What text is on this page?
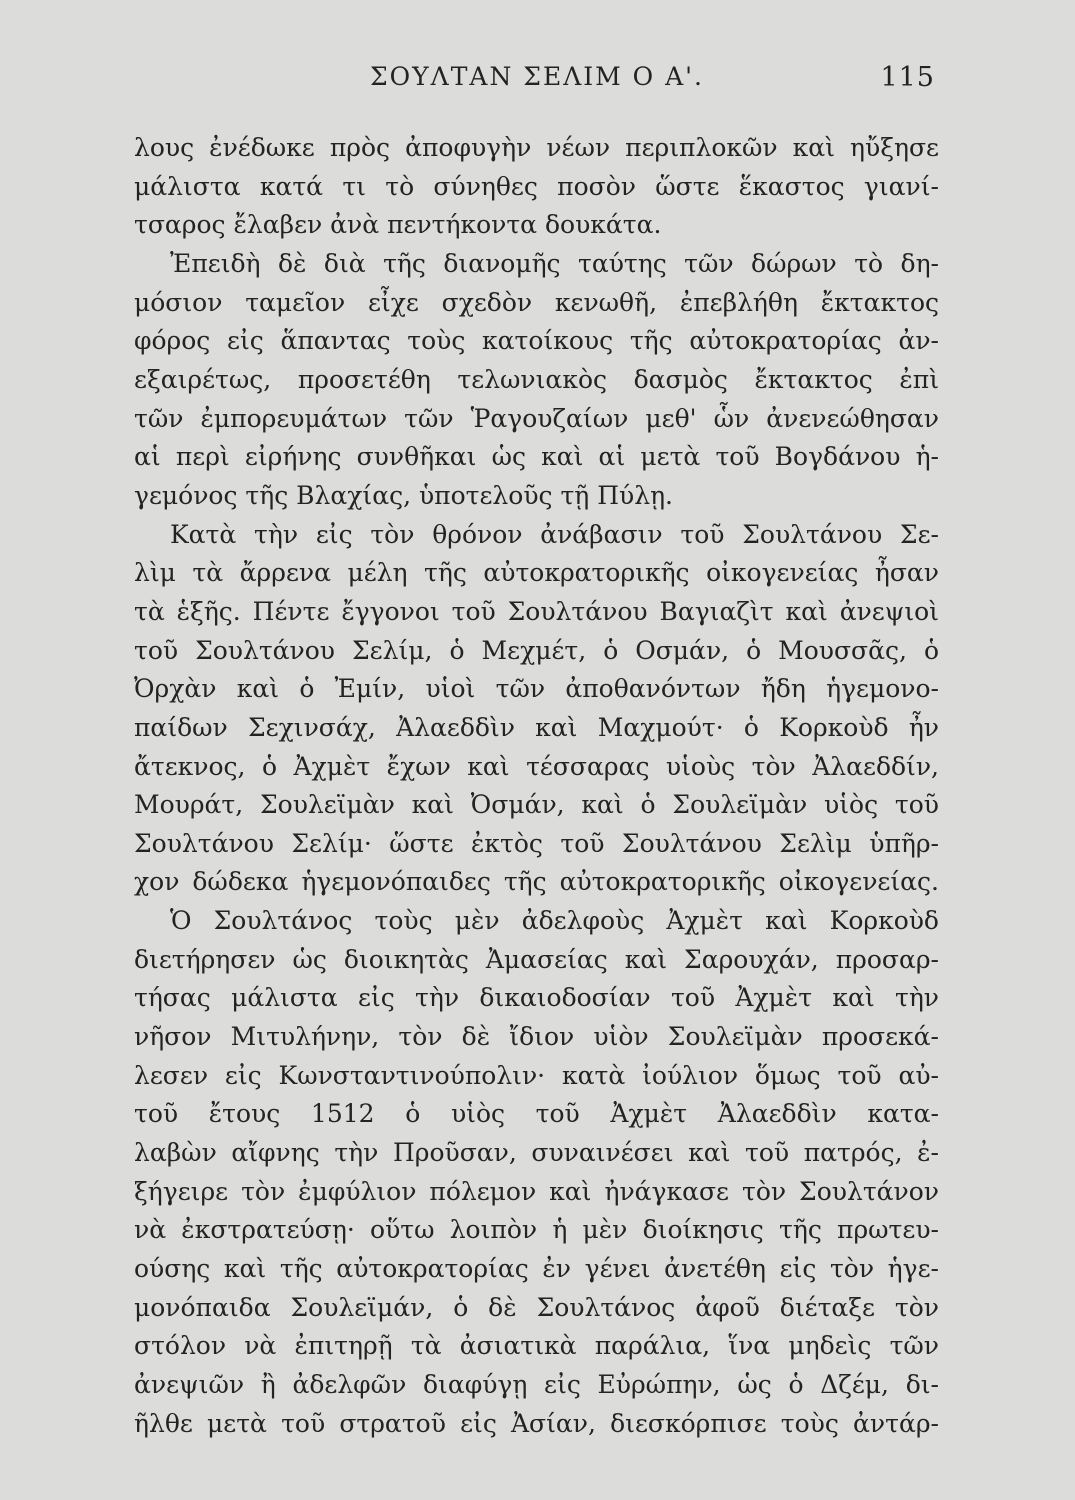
ΣΟΥΛΤΑΝ ΣΕΛΙΜ Ο Α'.	115
λους ἐνέδωκε πρὸς ἀποφυγὴν νέων περιπλοκῶν καὶ ηὔξησε
μάλιστα κατά τι τὸ σύνηθες ποσὸν ὥστε ἕκαστος γιανί-
τσαρος ἔλαβεν ἀνὰ πεντήκοντα δουκάτα.
Ἐπειδὴ δὲ διὰ τῆς διανομῆς ταύτης τῶν δώρων τὸ δη-
μόσιον ταμεῖον εἶχε σχεδὸν κενωθῆ, ἐπεβλήθη ἔκτακτος
φόρος εἰς ἅπαντας τοὺς κατοίκους τῆς αὐτοκρατορίας ἀν-
εξαιρέτως, προσετέθη τελωνιακὸς δασμὸς ἔκτακτος ἐπὶ
τῶν ἐμπορευμάτων τῶν Ῥαγουζαίων μεθ' ὧν ἀνενεώθησαν
αἱ περὶ εἰρήνης συνθῆκαι ὡς καὶ αἱ μετὰ τοῦ Βογδάνου ἡ-
γεμόνος τῆς Βλαχίας, ὑποτελοῦς τῇ Πύλῃ.
Κατὰ τὴν εἰς τὸν θρόνον ἀνάβασιν τοῦ Σουλτάνου Σε-
λὶμ τὰ ἄρρενα μέλη τῆς αὐτοκρατορικῆς οἰκογενείας ἦσαν
τὰ ἑξῆς. Πέντε ἔγγονοι τοῦ Σουλτάνου Βαγιαζὶτ καὶ ἀνεψιοὶ
τοῦ Σουλτάνου Σελίμ, ὁ Μεχμέτ, ὁ Οσμάν, ὁ Μουσσᾶς, ὁ
Ὀρχὰν καὶ ὁ Ἐμίν, υἱοὶ τῶν ἀποθανόντων ἤδη ἡγεμονο-
παίδων Σεχινσάχ, Ἀλαεδδὶν καὶ Μαχμούτ· ὁ Κορκοὺδ ἦν
ἄτεκνος, ὁ Ἀχμὲτ ἔχων καὶ τέσσαρας υἱοὺς τὸν Ἀλαεδδίν,
Μουράτ, Σουλεϊμὰν καὶ Ὀσμάν, καὶ ὁ Σουλεϊμὰν υἱὸς τοῦ
Σουλτάνου Σελίμ· ὥστε ἐκτὸς τοῦ Σουλτάνου Σελὶμ ὑπῆρ-
χον δώδεκα ἡγεμονόπαιδες τῆς αὐτοκρατορικῆς οἰκογενείας.
Ὁ Σουλτάνος τοὺς μὲν ἀδελφοὺς Ἀχμὲτ καὶ Κορκοὺδ
διετήρησεν ὡς διοικητὰς Ἀμασείας καὶ Σαρουχάν, προσαρ-
τήσας μάλιστα εἰς τὴν δικαιοδοσίαν τοῦ Ἀχμὲτ καὶ τὴν
νῆσον Μιτυλήνην, τὸν δὲ ἴδιον υἱὸν Σουλεϊμὰν προσεκά-
λεσεν εἰς Κωνσταντινούπολιν· κατὰ ἰούλιον ὅμως τοῦ αὐ-
τοῦ ἔτους 1512 ὁ υἱὸς τοῦ Ἀχμὲτ Ἀλαεδδὶν κατα-
λαβὼν αἴφνης τὴν Προῦσαν, συναινέσει καὶ τοῦ πατρός, ἐ-
ξήγειρε τὸν ἐμφύλιον πόλεμον καὶ ἠνάγκασε τὸν Σουλτάνον
νὰ ἐκστρατεύσῃ· οὕτω λοιπὸν ἡ μὲν διοίκησις τῆς πρωτευ-
ούσης καὶ τῆς αὐτοκρατορίας ἐν γένει ἀνετέθη εἰς τὸν ἡγε-
μονόπαιδα Σουλεϊμάν, ὁ δὲ Σουλτάνος ἀφοῦ διέταξε τὸν
στόλον νὰ ἐπιτηρῇ τὰ ἀσιατικὰ παράλια, ἵνα μηδεὶς τῶν
ἀνεψιῶν ἢ ἀδελφῶν διαφύγῃ εἰς Εὐρώπην, ὡς ὁ Δζέμ, δι-
ῆλθε μετὰ τοῦ στρατοῦ εἰς Ἀσίαν, διεσκόρπισε τοὺς ἀντάρ-
